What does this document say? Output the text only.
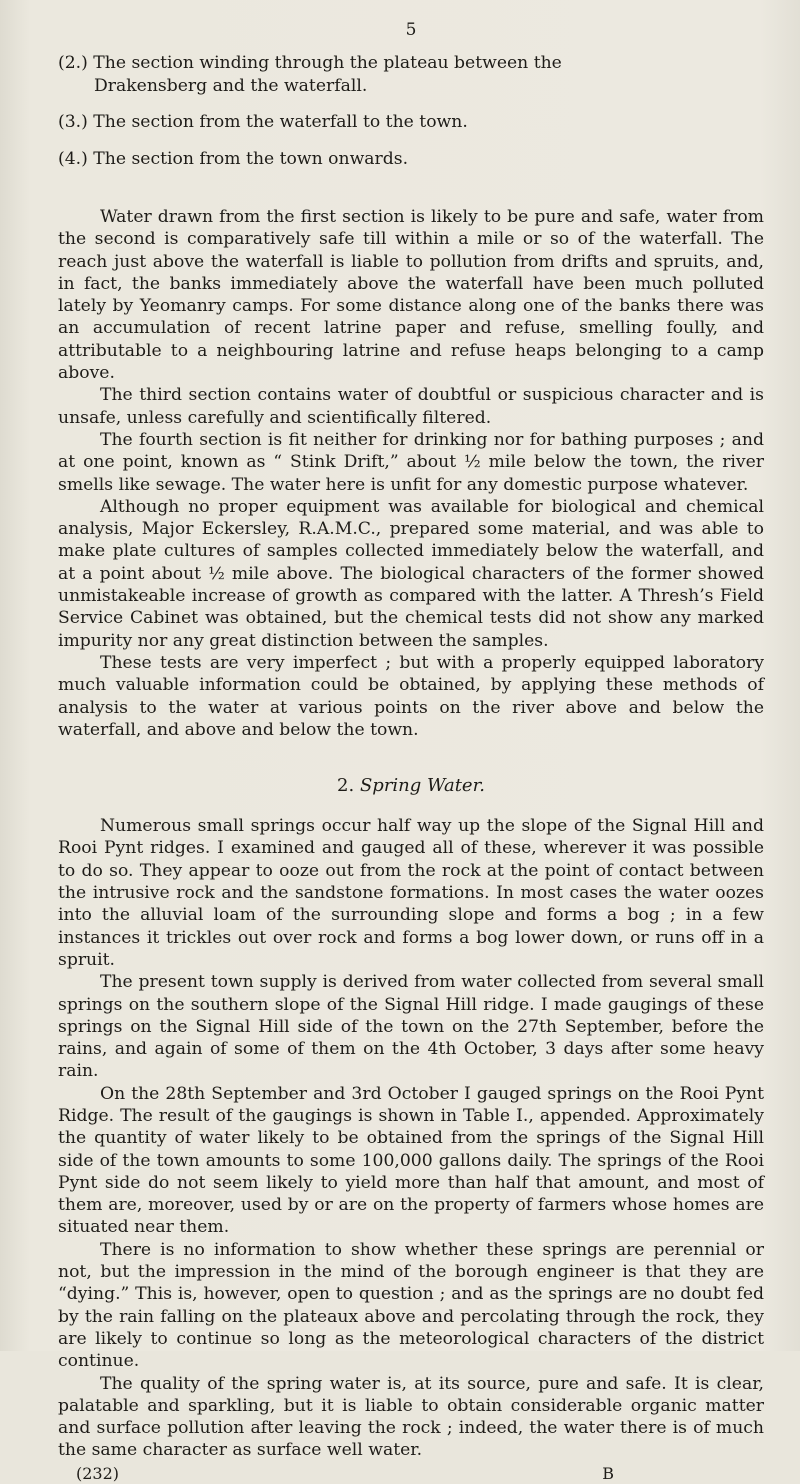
5
(2.) The section winding through the plateau between the
Drakensberg and the waterfall.
(3.) The section from the waterfall to the town.
(4.) The section from the town onwards.

Water drawn from the first section is likely to be pure and safe, water from the second is comparatively safe till within a mile or so of the waterfall. The reach just above the waterfall is liable to pollution from drifts and spruits, and, in fact, the banks immediately above the waterfall have been much polluted lately by Yeomanry camps. For some distance along one of the banks there was an accumulation of recent latrine paper and refuse, smelling foully, and attributable to a neighbouring latrine and refuse heaps belonging to a camp above.

The third section contains water of doubtful or suspicious character and is unsafe, unless carefully and scientifically filtered.

The fourth section is fit neither for drinking nor for bathing purposes ; and at one point, known as “ Stink Drift,” about ½ mile below the town, the river smells like sewage. The water here is unfit for any domestic purpose whatever.

Although no proper equipment was available for biological and chemical analysis, Major Eckersley, R.A.M.C., prepared some material, and was able to make plate cultures of samples collected immediately below the waterfall, and at a point about ½ mile above. The biological characters of the former showed unmistakeable increase of growth as compared with the latter. A Thresh’s Field Service Cabinet was obtained, but the chemical tests did not show any marked impurity nor any great distinction between the samples.

These tests are very imperfect ; but with a properly equipped laboratory much valuable information could be obtained, by applying these methods of analysis to the water at various points on the river above and below the waterfall, and above and below the town.

2. Spring Water.

Numerous small springs occur half way up the slope of the Signal Hill and Rooi Pynt ridges. I examined and gauged all of these, wherever it was possible to do so. They appear to ooze out from the rock at the point of contact between the intrusive rock and the sandstone formations. In most cases the water oozes into the alluvial loam of the surrounding slope and forms a bog ; in a few instances it trickles out over rock and forms a bog lower down, or runs off in a spruit.

The present town supply is derived from water collected from several small springs on the southern slope of the Signal Hill ridge. I made gaugings of these springs on the Signal Hill side of the town on the 27th September, before the rains, and again of some of them on the 4th October, 3 days after some heavy rain.

On the 28th September and 3rd October I gauged springs on the Rooi Pynt Ridge. The result of the gaugings is shown in Table I., appended. Approximately the quantity of water likely to be obtained from the springs of the Signal Hill side of the town amounts to some 100,000 gallons daily. The springs of the Rooi Pynt side do not seem likely to yield more than half that amount, and most of them are, moreover, used by or are on the property of farmers whose homes are situated near them.

There is no information to show whether these springs are perennial or not, but the impression in the mind of the borough engineer is that they are “dying.” This is, however, open to question ; and as the springs are no doubt fed by the rain falling on the plateaux above and percolating through the rock, they are likely to continue so long as the meteorological characters of the district continue.

The quality of the spring water is, at its source, pure and safe. It is clear, palatable and sparkling, but it is liable to obtain considerable organic matter and surface pollution after leaving the rock ; indeed, the water there is of much the same character as surface well water.

(232)	B
